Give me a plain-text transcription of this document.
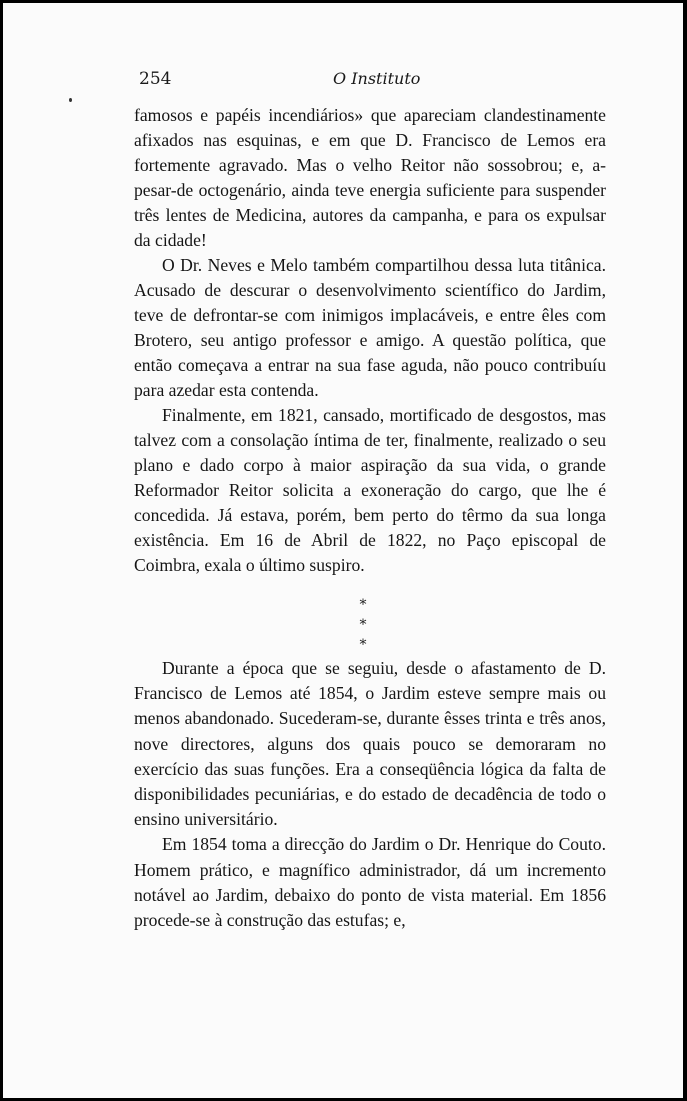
254	O Instituto

famosos e papéis incendiários» que apareciam clandestinamente afixados nas esquinas, e em que D. Francisco de Lemos era fortemente agravado. Mas o velho Reitor não sossobrou; e, a-pesar-de octogenário, ainda teve energia suficiente para suspender três lentes de Medicina, autores da campanha, e para os expulsar da cidade!

O Dr. Neves e Melo também compartilhou dessa luta titânica. Acusado de descurar o desenvolvimento scientífico do Jardim, teve de defrontar-se com inimigos implacáveis, e entre êles com Brotero, seu antigo professor e amigo. A questão política, que então começava a entrar na sua fase aguda, não pouco contribuíu para azedar esta contenda.

Finalmente, em 1821, cansado, mortificado de desgostos, mas talvez com a consolação íntima de ter, finalmente, realizado o seu plano e dado corpo à maior aspiração da sua vida, o grande Reformador Reitor solicita a exoneração do cargo, que lhe é concedida. Já estava, porém, bem perto do têrmo da sua longa existência. Em 16 de Abril de 1822, no Paço episcopal de Coimbra, exala o último suspiro.

*
* *

Durante a época que se seguiu, desde o afastamento de D. Francisco de Lemos até 1854, o Jardim esteve sempre mais ou menos abandonado. Sucederam-se, durante êsses trinta e três anos, nove directores, alguns dos quais pouco se demoraram no exercício das suas funções. Era a conseqüência lógica da falta de disponibilidades pecuniárias, e do estado de decadência de todo o ensino universitário.

Em 1854 toma a direcção do Jardim o Dr. Henrique do Couto. Homem prático, e magnífico administrador, dá um incremento notável ao Jardim, debaixo do ponto de vista material. Em 1856 procede-se à construção das estufas; e,
